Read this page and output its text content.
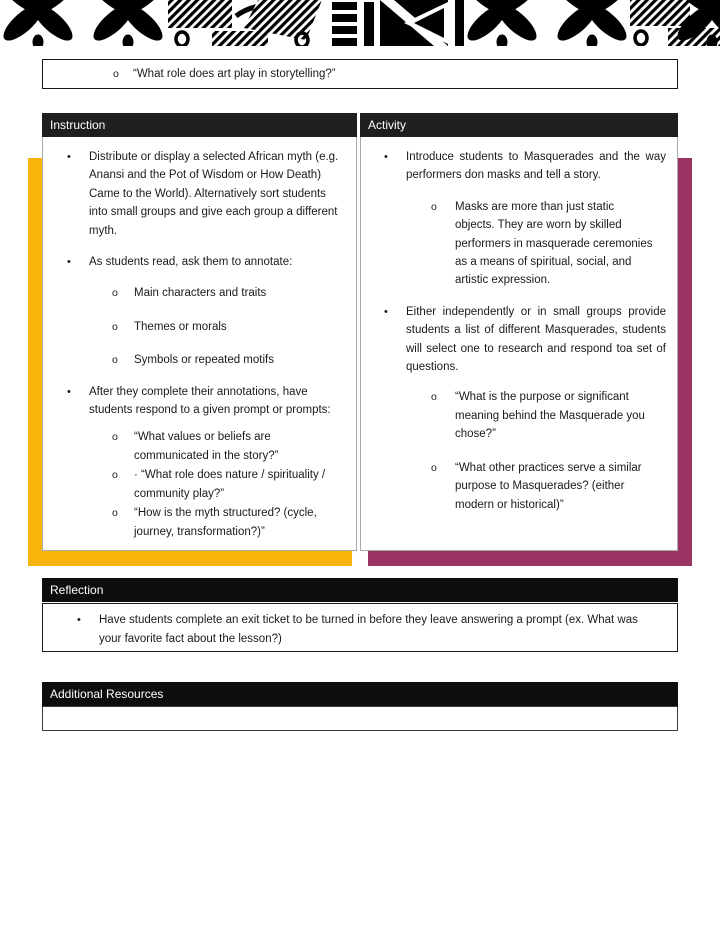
o	“What role does art play in storytelling?”
Instruction	Activity
•	Distribute or display a selected African myth (e.g. Anansi and the Pot of Wisdom or How Death) Came to the World). Alternatively sort students into small groups and give each group a different myth.
•	As students read, ask them to annotate:
o	Main characters and traits
o	Themes or morals
o	Symbols or repeated motifs
•	After they complete their annotations, have students respond to a given prompt or prompts:
o	“What values or beliefs are communicated in the story?”
o	· “What role does nature / spirituality / community play?”
o	“How is the myth structured? (cycle, journey, transformation?)”
•	Introduce students to Masquerades and the way performers don masks and tell a story.
o	Masks are more than just static objects. They are worn by skilled performers in masquerade ceremonies as a means of spiritual, social, and artistic expression.
•	Either independently or in small groups provide students a list of different Masquerades, students will select one to research and respond toa set of questions.
o	“What is the purpose or significant meaning behind the Masquerade you chose?”
o	“What other practices serve a similar purpose to Masquerades? (either modern or historical)”
Reflection
•	Have students complete an exit ticket to be turned in before they leave answering a prompt (ex. What was your favorite fact about the lesson?)
Additional Resources
